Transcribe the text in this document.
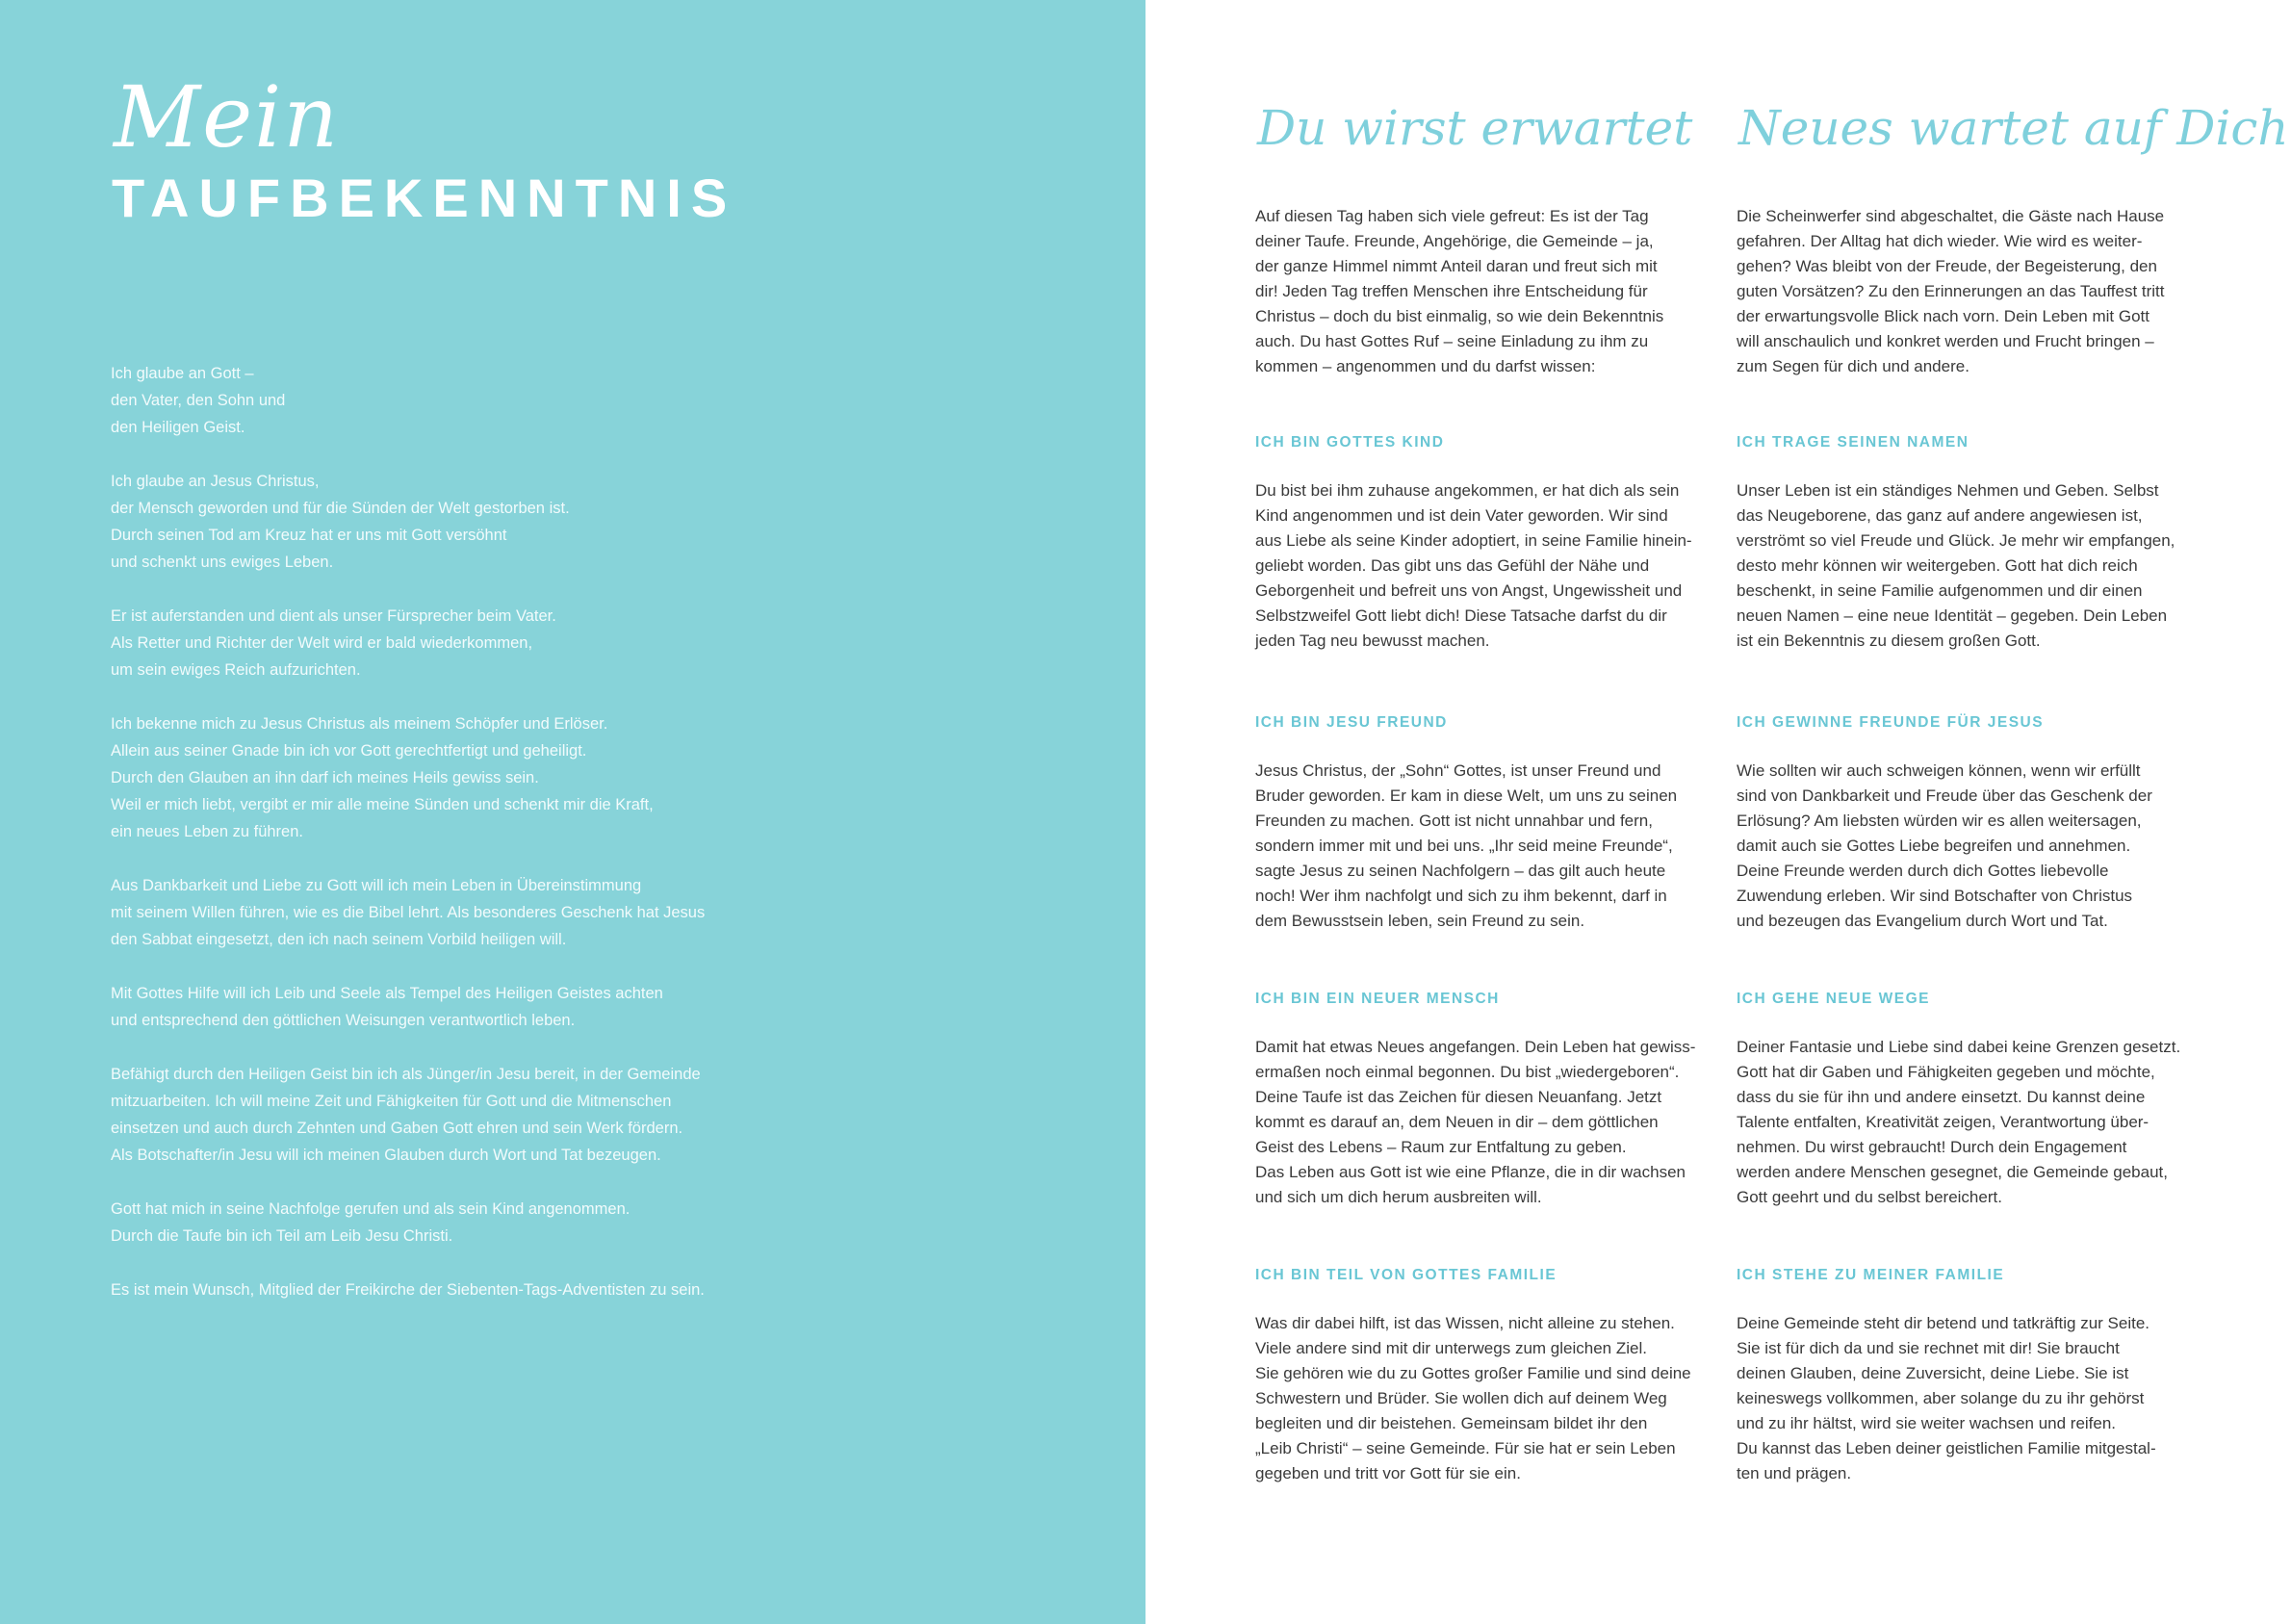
Mein
TAUFBEKENNTNIS

Ich glaube an Gott –
den Vater, den Sohn und
den Heiligen Geist.

Ich glaube an Jesus Christus,
der Mensch geworden und für die Sünden der Welt gestorben ist.
Durch seinen Tod am Kreuz hat er uns mit Gott versöhnt
und schenkt uns ewiges Leben.

Er ist auferstanden und dient als unser Fürsprecher beim Vater.
Als Retter und Richter der Welt wird er bald wiederkommen,
um sein ewiges Reich aufzurichten.

Ich bekenne mich zu Jesus Christus als meinem Schöpfer und Erlöser.
Allein aus seiner Gnade bin ich vor Gott gerechtfertigt und geheiligt.
Durch den Glauben an ihn darf ich meines Heils gewiss sein.
Weil er mich liebt, vergibt er mir alle meine Sünden und schenkt mir die Kraft,
ein neues Leben zu führen.

Aus Dankbarkeit und Liebe zu Gott will ich mein Leben in Übereinstimmung
mit seinem Willen führen, wie es die Bibel lehrt. Als besonderes Geschenk hat Jesus
den Sabbat eingesetzt, den ich nach seinem Vorbild heiligen will.

Mit Gottes Hilfe will ich Leib und Seele als Tempel des Heiligen Geistes achten
und entsprechend den göttlichen Weisungen verantwortlich leben.

Befähigt durch den Heiligen Geist bin ich als Jünger/in Jesu bereit, in der Gemeinde
mitzuarbeiten. Ich will meine Zeit und Fähigkeiten für Gott und die Mitmenschen
einsetzen und auch durch Zehnten und Gaben Gott ehren und sein Werk fördern.
Als Botschafter/in Jesu will ich meinen Glauben durch Wort und Tat bezeugen.

Gott hat mich in seine Nachfolge gerufen und als sein Kind angenommen.
Durch die Taufe bin ich Teil am Leib Jesu Christi.

Es ist mein Wunsch, Mitglied der Freikirche der Siebenten-Tags-Adventisten zu sein.

Du wirst erwartet

Auf diesen Tag haben sich viele gefreut: Es ist der Tag
deiner Taufe. Freunde, Angehörige, die Gemeinde – ja,
der ganze Himmel nimmt Anteil daran und freut sich mit
dir! Jeden Tag treffen Menschen ihre Entscheidung für
Christus – doch du bist einmalig, so wie dein Bekenntnis
auch. Du hast Gottes Ruf – seine Einladung zu ihm zu
kommen – angenommen und du darfst wissen:

ICH BIN GOTTES KIND

Du bist bei ihm zuhause angekommen, er hat dich als sein
Kind angenommen und ist dein Vater geworden. Wir sind
aus Liebe als seine Kinder adoptiert, in seine Familie hinein-
geliebt worden. Das gibt uns das Gefühl der Nähe und
Geborgenheit und befreit uns von Angst, Ungewissheit und
Selbstzweifel Gott liebt dich! Diese Tatsache darfst du dir
jeden Tag neu bewusst machen.

ICH BIN JESU FREUND

Jesus Christus, der „Sohn“ Gottes, ist unser Freund und
Bruder geworden. Er kam in diese Welt, um uns zu seinen
Freunden zu machen. Gott ist nicht unnahbar und fern,
sondern immer mit und bei uns. „Ihr seid meine Freunde“,
sagte Jesus zu seinen Nachfolgern – das gilt auch heute
noch! Wer ihm nachfolgt und sich zu ihm bekennt, darf in
dem Bewusstsein leben, sein Freund zu sein.

ICH BIN EIN NEUER MENSCH

Damit hat etwas Neues angefangen. Dein Leben hat gewiss-
ermaßen noch einmal begonnen. Du bist „wiedergeboren“.
Deine Taufe ist das Zeichen für diesen Neuanfang. Jetzt
kommt es darauf an, dem Neuen in dir – dem göttlichen
Geist des Lebens – Raum zur Entfaltung zu geben.
Das Leben aus Gott ist wie eine Pflanze, die in dir wachsen
und sich um dich herum ausbreiten will.

ICH BIN TEIL VON GOTTES FAMILIE

Was dir dabei hilft, ist das Wissen, nicht alleine zu stehen.
Viele andere sind mit dir unterwegs zum gleichen Ziel.
Sie gehören wie du zu Gottes großer Familie und sind deine
Schwestern und Brüder. Sie wollen dich auf deinem Weg
begleiten und dir beistehen. Gemeinsam bildet ihr den
„Leib Christi“ – seine Gemeinde. Für sie hat er sein Leben
gegeben und tritt vor Gott für sie ein.

Neues wartet auf Dich

Die Scheinwerfer sind abgeschaltet, die Gäste nach Hause
gefahren. Der Alltag hat dich wieder. Wie wird es weiter-
gehen? Was bleibt von der Freude, der Begeisterung, den
guten Vorsätzen? Zu den Erinnerungen an das Tauffest tritt
der erwartungsvolle Blick nach vorn. Dein Leben mit Gott
will anschaulich und konkret werden und Frucht bringen –
zum Segen für dich und andere.

ICH TRAGE SEINEN NAMEN

Unser Leben ist ein ständiges Nehmen und Geben. Selbst
das Neugeborene, das ganz auf andere angewiesen ist,
verströmt so viel Freude und Glück. Je mehr wir empfangen,
desto mehr können wir weitergeben. Gott hat dich reich
beschenkt, in seine Familie aufgenommen und dir einen
neuen Namen – eine neue Identität – gegeben. Dein Leben
ist ein Bekenntnis zu diesem großen Gott.

ICH GEWINNE FREUNDE FÜR JESUS

Wie sollten wir auch schweigen können, wenn wir erfüllt
sind von Dankbarkeit und Freude über das Geschenk der
Erlösung? Am liebsten würden wir es allen weitersagen,
damit auch sie Gottes Liebe begreifen und annehmen.
Deine Freunde werden durch dich Gottes liebevolle
Zuwendung erleben. Wir sind Botschafter von Christus
und bezeugen das Evangelium durch Wort und Tat.

ICH GEHE NEUE WEGE

Deiner Fantasie und Liebe sind dabei keine Grenzen gesetzt.
Gott hat dir Gaben und Fähigkeiten gegeben und möchte,
dass du sie für ihn und andere einsetzt. Du kannst deine
Talente entfalten, Kreativität zeigen, Verantwortung über-
nehmen. Du wirst gebraucht! Durch dein Engagement
werden andere Menschen gesegnet, die Gemeinde gebaut,
Gott geehrt und du selbst bereichert.

ICH STEHE ZU MEINER FAMILIE

Deine Gemeinde steht dir betend und tatkräftig zur Seite.
Sie ist für dich da und sie rechnet mit dir! Sie braucht
deinen Glauben, deine Zuversicht, deine Liebe. Sie ist
keineswegs vollkommen, aber solange du zu ihr gehörst
und zu ihr hältst, wird sie weiter wachsen und reifen.
Du kannst das Leben deiner geistlichen Familie mitgestal-
ten und prägen.
